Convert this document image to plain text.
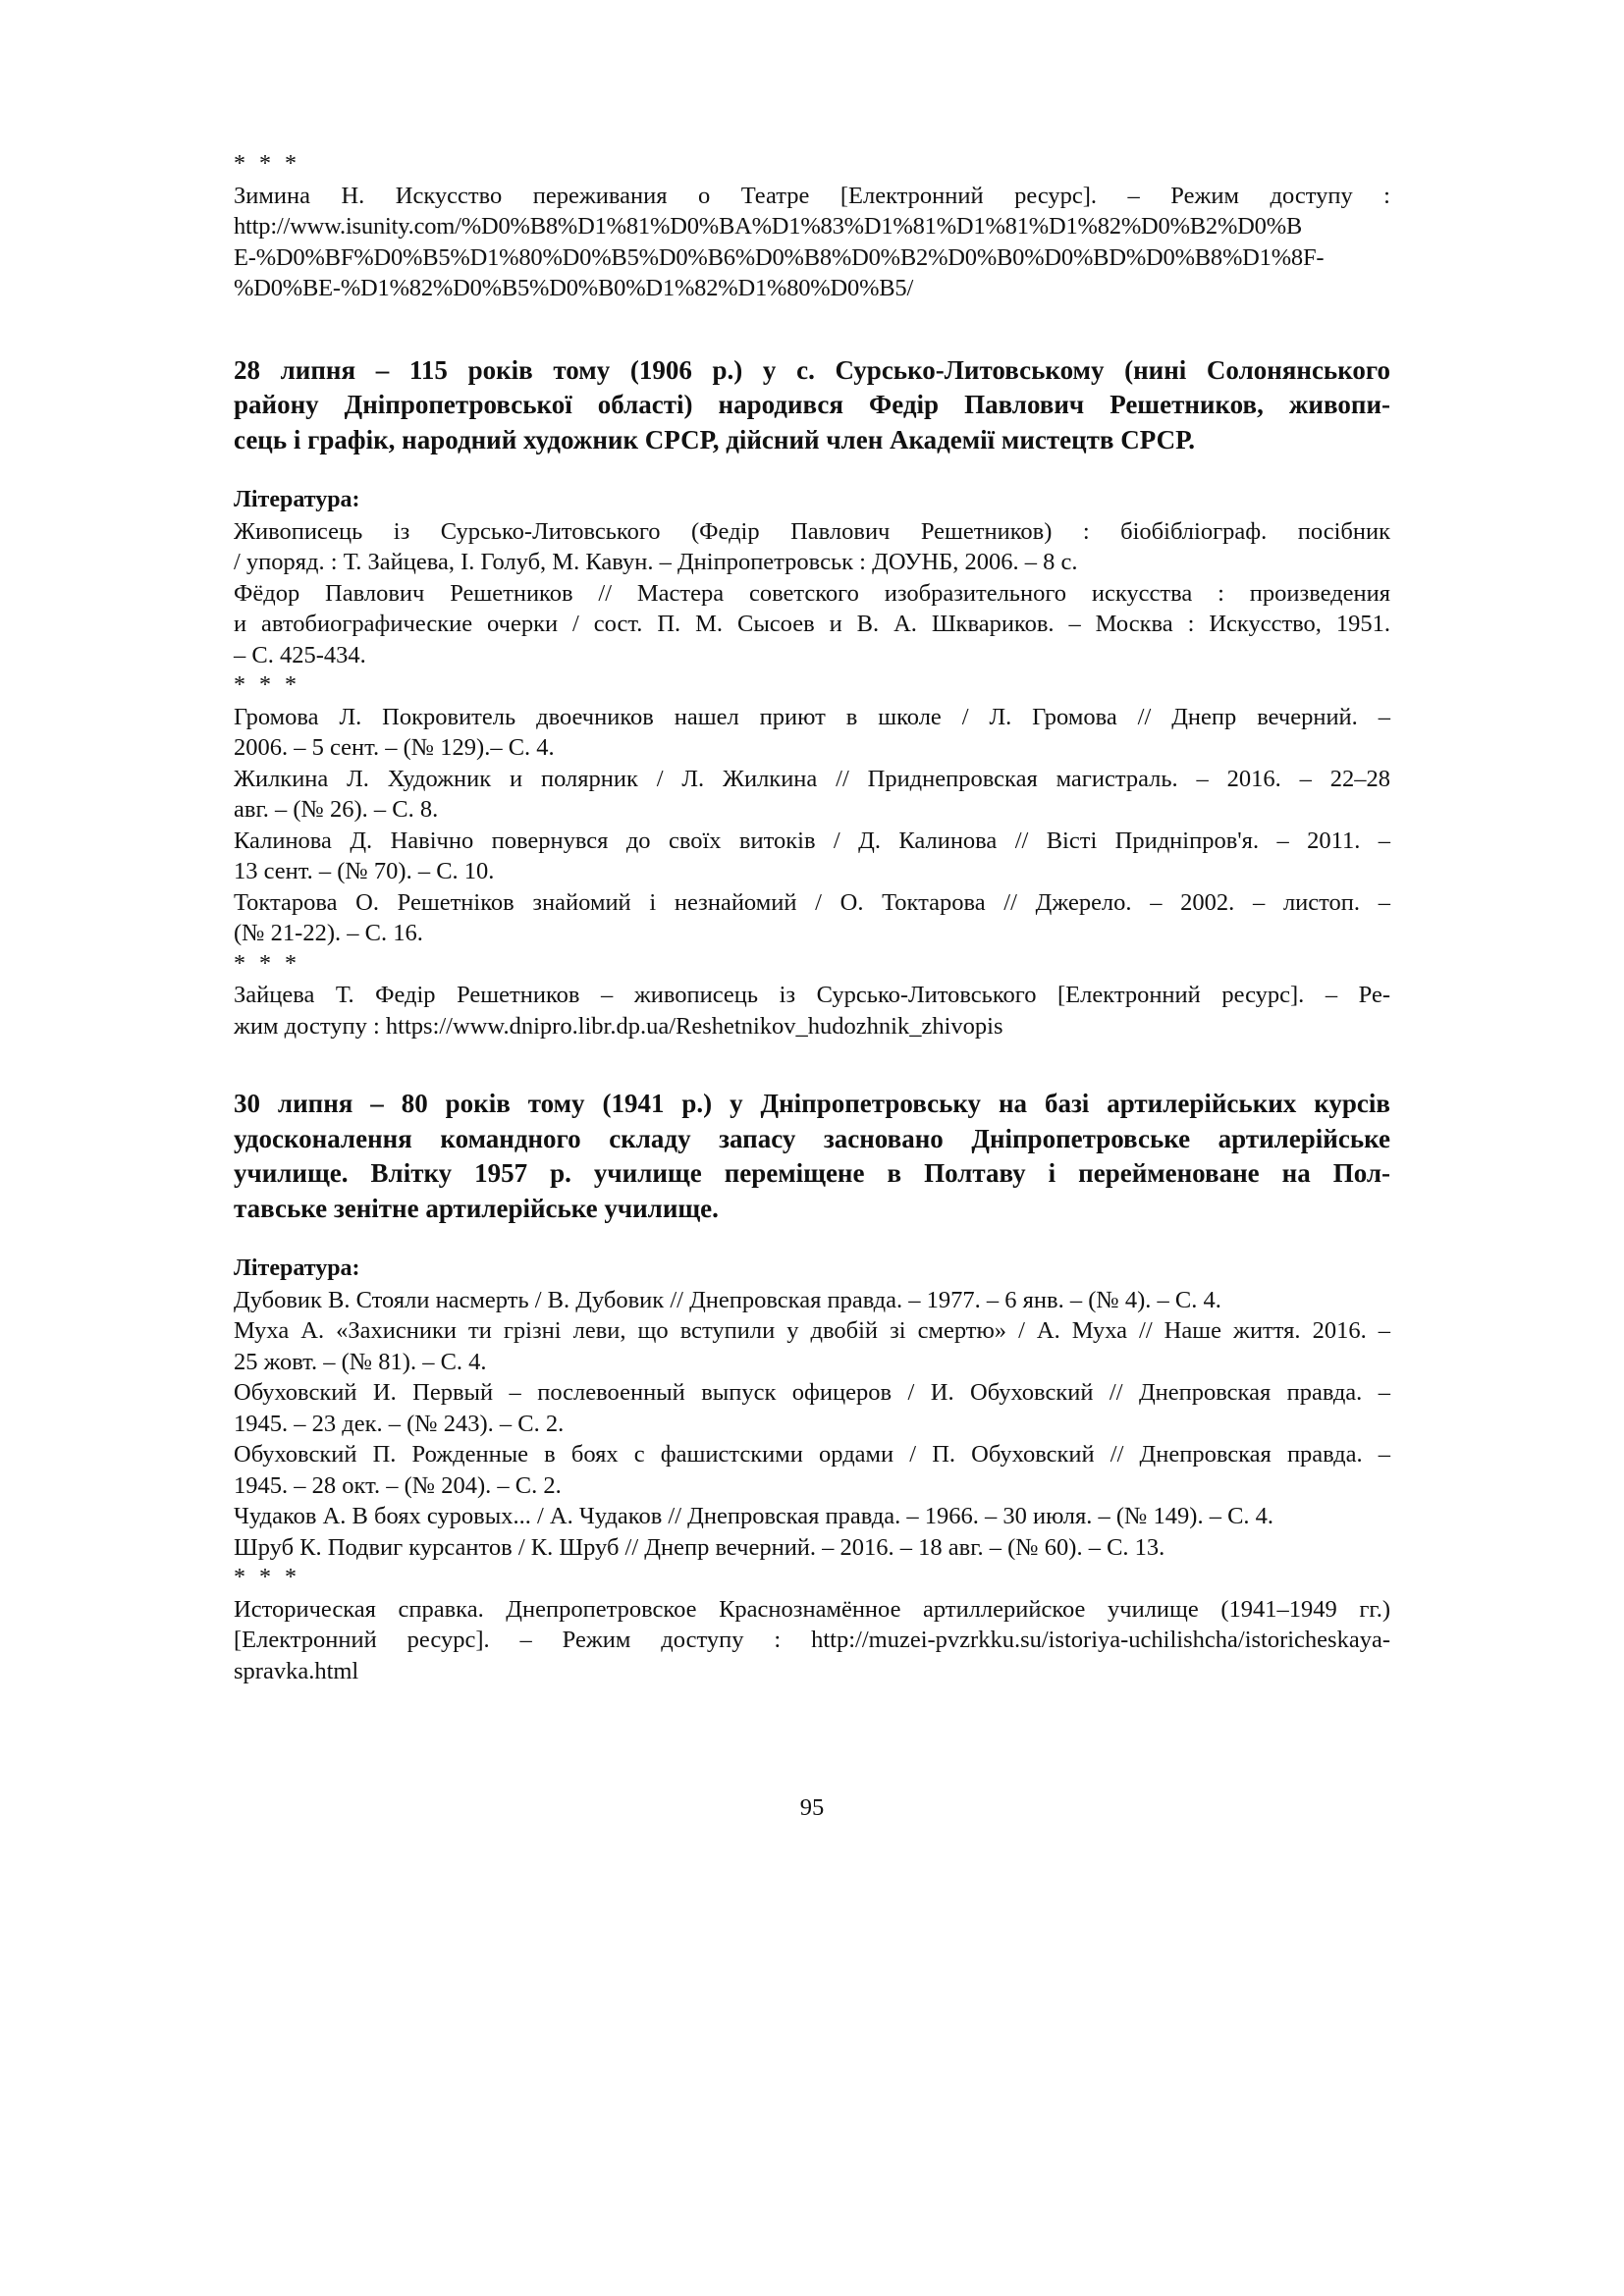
* * *
Зимина Н. Искусство переживания о Театре [Електронний ресурс]. – Режим доступу :
http://www.isunity.com/%D0%B8%D1%81%D0%BA%D1%83%D1%81%D1%81%D1%82%D0%B2%D0%B
E-%D0%BF%D0%B5%D1%80%D0%B5%D0%B6%D0%B8%D0%B2%D0%B0%D0%BD%D0%B8%D1%8F-
%D0%BE-%D1%82%D0%B5%D0%B0%D1%82%D1%80%D0%B5/
28 липня – 115 років тому (1906 р.) у с. Сурсько-Литовському (нині Солонянського
району Дніпропетровської області) народився Федір Павлович Решетников, живопи-
сець і графік, народний художник СРСР, дійсний член Академії мистецтв СРСР.
Література:
Живописець із Сурсько-Литовського (Федір Павлович Решетников) : біобібліограф. посібник
/ упоряд. : Т. Зайцева, І. Голуб, М. Кавун. – Дніпропетровськ : ДОУНБ, 2006. – 8 с.
Фёдор Павлович Решетников // Мастера советского изобразительного искусства : произведения
и автобиографические очерки / сост. П. М. Сысоев и В. А. Шквариков. – Москва : Искусство, 1951.
– С. 425-434.
* * *
Громова Л. Покровитель двоечников нашел приют в школе / Л. Громова // Днепр вечерний. –
2006. – 5 сент. – (№ 129).– С. 4.
Жилкина Л. Художник и полярник / Л. Жилкина // Приднепровская магистраль. – 2016. – 22–28
авг. – (№ 26). – С. 8.
Калинова Д. Навічно повернувся до своїх витоків / Д. Калинова // Вісті Придніпров'я. – 2011. –
13 сент. – (№ 70). – С. 10.
Токтарова О. Решетніков знайомий і незнайомий / О. Токтарова // Джерело. – 2002. – листоп. –
(№ 21-22). – С. 16.
* * *
Зайцева Т. Федір Решетников – живописець із Сурсько-Литовського [Електронний ресурс]. – Ре-
жим доступу : https://www.dnipro.libr.dp.ua/Reshetnikov_hudozhnik_zhivopis
30 липня – 80 років тому (1941 р.) у Дніпропетровську на базі артилерійських курсів
удосконалення командного складу запасу засновано Дніпропетровське артилерійське
училище. Влітку 1957 р. училище переміщене в Полтаву і перейменоване на Пол-
тавське зенітне артилерійське училище.
Література:
Дубовик В. Стояли насмерть / В. Дубовик // Днепровская правда. – 1977. – 6 янв. – (№ 4). – С. 4.
Муха А. «Захисники ти грізні леви, що вступили у двобій зі смертю» / А. Муха // Наше життя. 2016. –
25 жовт. – (№ 81). – С. 4.
Обуховский И. Первый – послевоенный выпуск офицеров / И. Обуховский // Днепровская правда. –
1945. – 23 дек. – (№ 243). – С. 2.
Обуховский П. Рожденные в боях с фашистскими ордами / П. Обуховский // Днепровская правда. –
1945. – 28 окт. – (№ 204). – С. 2.
Чудаков А. В боях суровых... / А. Чудаков // Днепровская правда. – 1966. – 30 июля. – (№ 149). – С. 4.
Шруб К. Подвиг курсантов / К. Шруб // Днепр вечерний. – 2016. – 18 авг. – (№ 60). – С. 13.
* * *
Историческая справка. Днепропетровское Краснознамённое артиллерийское училище (1941–1949 гг.)
[Електронний ресурс]. – Режим доступу : http://muzei-pvzrkku.su/istoriya-uchilishcha/istoricheskaya-
spravka.html
95
